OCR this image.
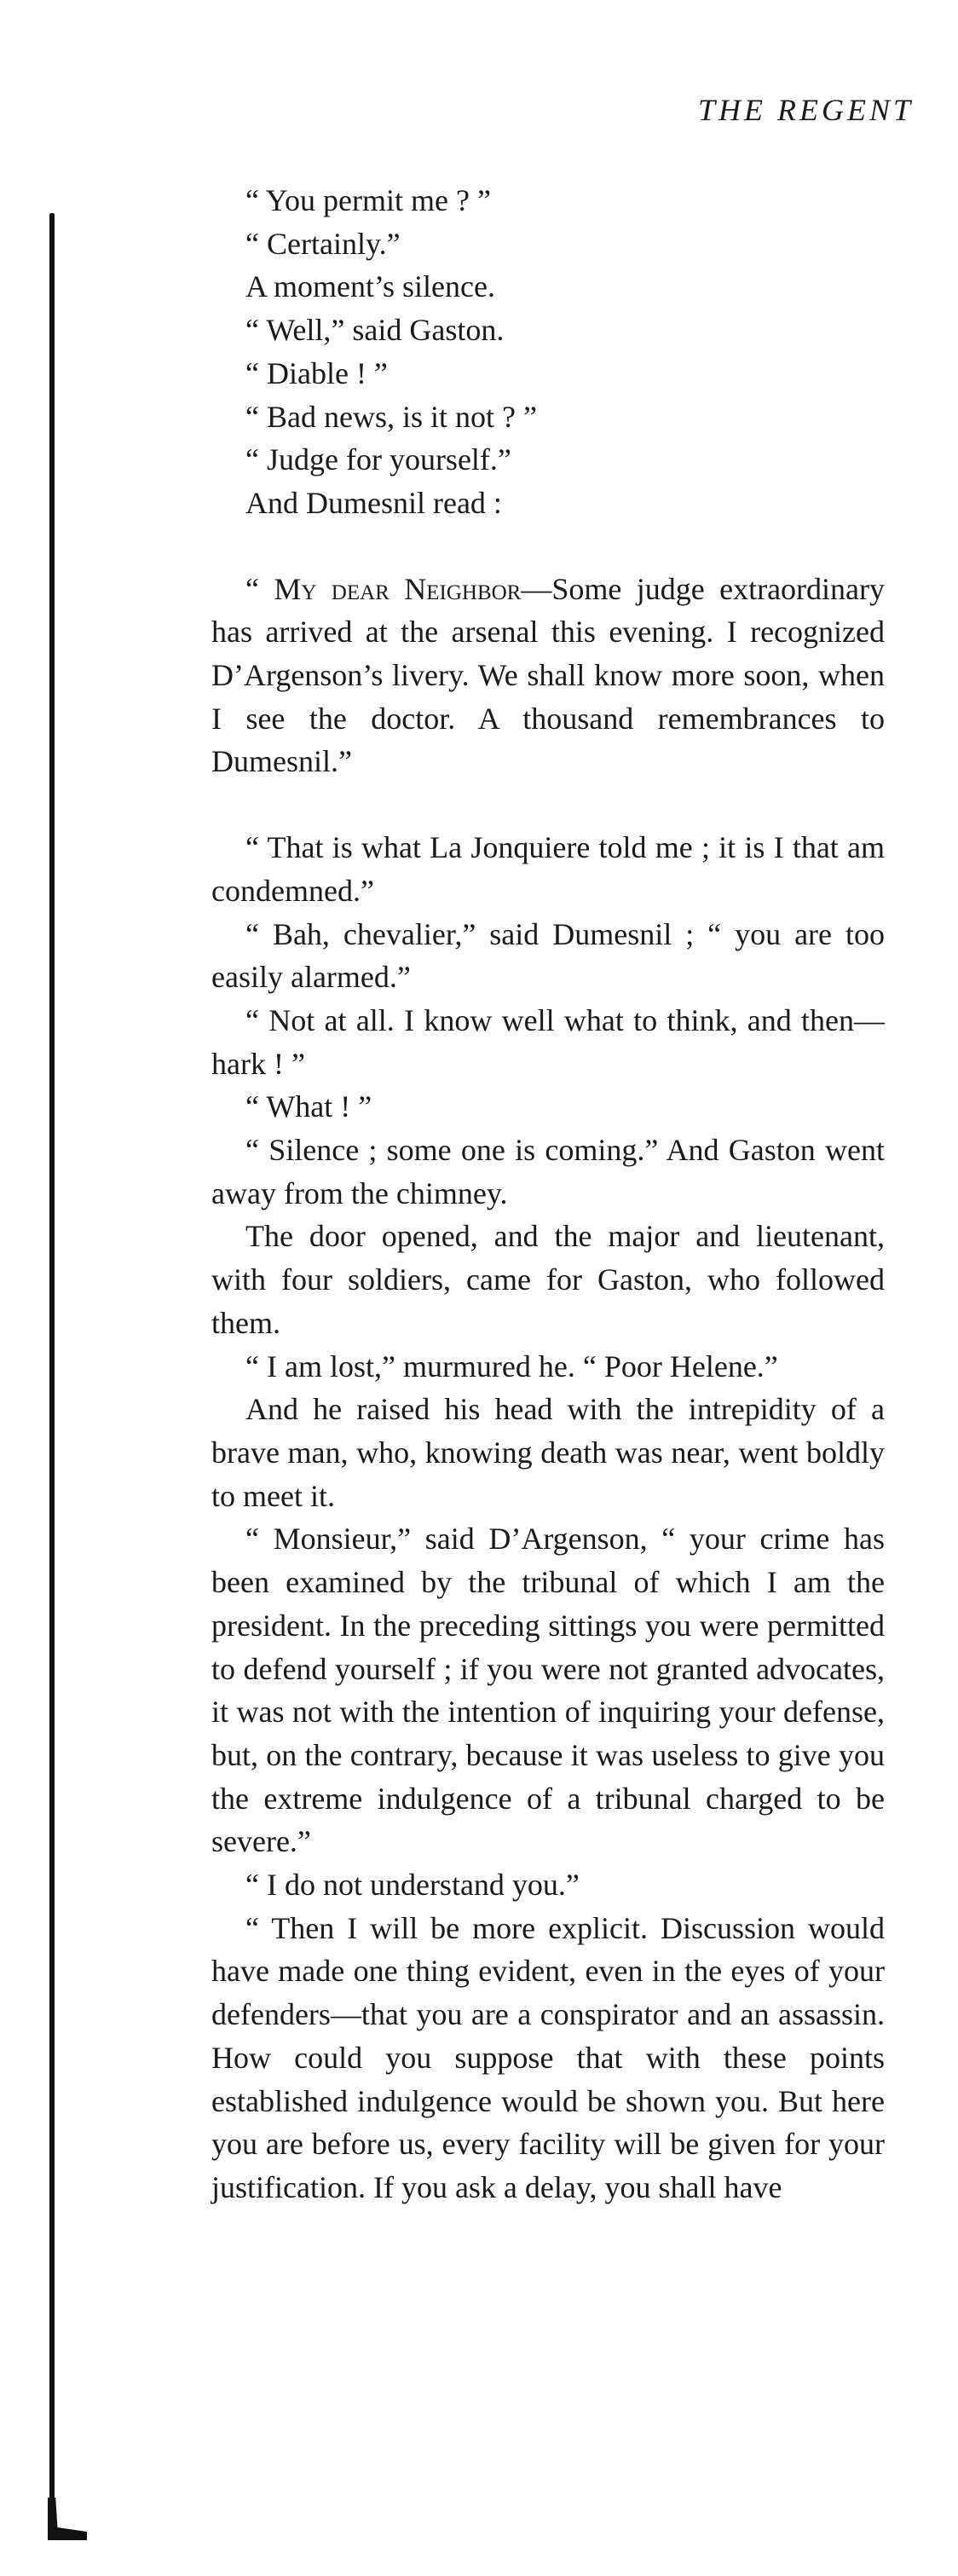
THE REGENT

“ You permit me ? ”

“ Certainly.”

A moment’s silence.

“ Well,” said Gaston.

“ Diable ! ”

“ Bad news, is it not ? ”

“ Judge for yourself.”

And Dumesnil read :

“ My dear Neighbor—Some judge extraordinary has arrived at the arsenal this evening. I recognized D’Argenson’s livery. We shall know more soon, when I see the doctor. A thousand remembrances to Dumesnil.”

“ That is what La Jonquiere told me ; it is I that am condemned.”

“ Bah, chevalier,” said Dumesnil ; “ you are too easily alarmed.”

“ Not at all. I know well what to think, and then—hark ! ”

“ What ! ”

“ Silence ; some one is coming.” And Gaston went away from the chimney.

The door opened, and the major and lieutenant, with four soldiers, came for Gaston, who followed them.

“ I am lost,” murmured he. “ Poor Helene.”

And he raised his head with the intrepidity of a brave man, who, knowing death was near, went boldly to meet it.

“ Monsieur,” said D’Argenson, “ your crime has been examined by the tribunal of which I am the president. In the preceding sittings you were permitted to defend yourself ; if you were not granted advocates, it was not with the intention of inquiring your defense, but, on the contrary, because it was useless to give you the extreme indulgence of a tribunal charged to be severe.”

“ I do not understand you.”

“ Then I will be more explicit. Discussion would have made one thing evident, even in the eyes of your defenders—that you are a conspirator and an assassin. How could you suppose that with these points established indulgence would be shown you. But here you are before us, every facility will be given for your justification. If you ask a delay, you shall have
